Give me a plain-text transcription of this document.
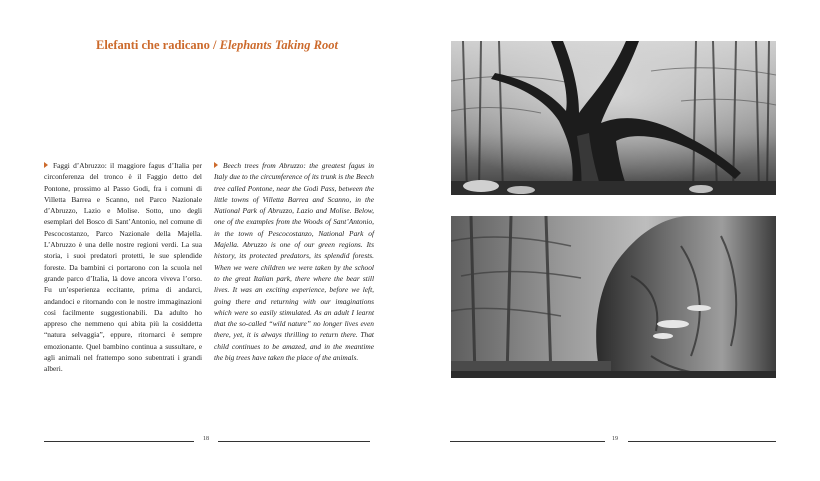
Elefanti che radicano / Elephants Taking Root
Faggi d’Abruzzo: il maggiore fagus d’Italia per circonferenza del tronco è il Faggio detto del Pontone, prossimo al Passo Godi, fra i comuni di Villetta Barrea e Scanno, nel Parco Nazionale d’Abruzzo, Lazio e Molise. Sotto, uno degli esemplari del Bosco di Sant’Antonio, nel comune di Pescocostanzo, Parco Nazionale della Majella. L’Abruzzo è una delle nostre regioni verdi. La sua storia, i suoi predatori protetti, le sue splendide foreste. Da bambini ci portarono con la scuola nel grande parco d’Italia, là dove ancora viveva l’orso. Fu un’esperienza eccitante, prima di andarci, andandoci e ritornando con le nostre immaginazioni così facilmente suggestionabili. Da adulto ho appreso che nemmeno qui abita più la cosiddetta “natura selvaggia”, eppure, ritornarci è sempre emozionante. Quel bambino continua a sussultare, e agli animali nel frattempo sono subentrati i grandi alberi.
Beech trees from Abruzzo: the greatest fagus in Italy due to the circumference of its trunk is the Beech tree called Pontone, near the Godi Pass, between the little towns of Villetta Barrea and Scanno, in the National Park of Abruzzo, Lazio and Molise. Below, one of the examples from the Woods of Sant’Antonio, in the town of Pescocostanzo, National Park of Majella. Abruzzo is one of our green regions. Its history, its protected predators, its splendid forests. When we were children we were taken by the school to the great Italian park, there where the bear still lives. It was an exciting experience, before we left, going there and returning with our imaginations which were so easily stimulated. As an adult I learnt that the so-called “wild nature” no longer lives even there, yet, it is always thrilling to return there. That child continues to be amazed, and in the meantime the big trees have taken the place of the animals.
18	19
